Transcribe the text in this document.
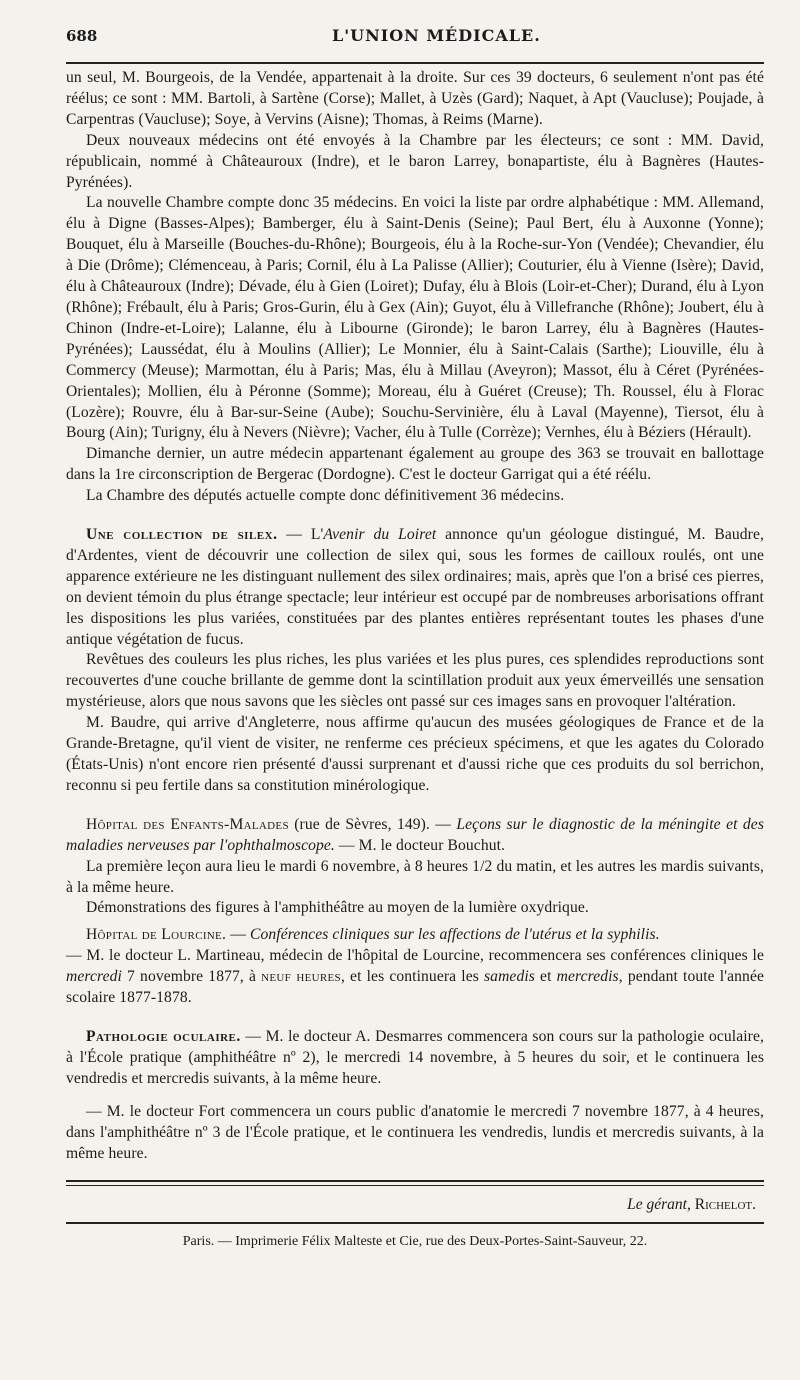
688	L'UNION MÉDICALE.

un seul, M. Bourgeois, de la Vendée, appartenait à la droite. Sur ces 39 docteurs, 6 seulement n'ont pas été réélus; ce sont : MM. Bartoli, à Sartène (Corse); Mallet, à Uzès (Gard); Naquet, à Apt (Vaucluse); Poujade, à Carpentras (Vaucluse); Soye, à Vervins (Aisne); Thomas, à Reims (Marne).

Deux nouveaux médecins ont été envoyés à la Chambre par les électeurs; ce sont : MM. David, républicain, nommé à Châteauroux (Indre), et le baron Larrey, bonapartiste, élu à Bagnères (Hautes-Pyrénées).

La nouvelle Chambre compte donc 35 médecins. En voici la liste par ordre alphabétique : MM. Allemand, élu à Digne (Basses-Alpes); Bamberger, élu à Saint-Denis (Seine); Paul Bert, élu à Auxonne (Yonne); Bouquet, élu à Marseille (Bouches-du-Rhône); Bourgeois, élu à la Roche-sur-Yon (Vendée); Chevandier, élu à Die (Drôme); Clémenceau, à Paris; Cornil, élu à La Palisse (Allier); Couturier, élu à Vienne (Isère); David, élu à Châteauroux (Indre); Dévade, élu à Gien (Loiret); Dufay, élu à Blois (Loir-et-Cher); Durand, élu à Lyon (Rhône); Frébault, élu à Paris; Gros-Gurin, élu à Gex (Ain); Guyot, élu à Villefranche (Rhône); Joubert, élu à Chinon (Indre-et-Loire); Lalanne, élu à Libourne (Gironde); le baron Larrey, élu à Bagnères (Hautes-Pyrénées); Laussédat, élu à Moulins (Allier); Le Monnier, élu à Saint-Calais (Sarthe); Liouville, élu à Commercy (Meuse); Marmottan, élu à Paris; Mas, élu à Millau (Aveyron); Massot, élu à Céret (Pyrénées-Orientales); Mollien, élu à Péronne (Somme); Moreau, élu à Guéret (Creuse); Th. Roussel, élu à Florac (Lozère); Rouvre, élu à Bar-sur-Seine (Aube); Souchu-Servinière, élu à Laval (Mayenne), Tiersot, élu à Bourg (Ain); Turigny, élu à Nevers (Nièvre); Vacher, élu à Tulle (Corrèze); Vernhes, élu à Béziers (Hérault).

Dimanche dernier, un autre médecin appartenant également au groupe des 363 se trouvait en ballottage dans la 1re circonscription de Bergerac (Dordogne). C'est le docteur Garrigat qui a été réélu.

La Chambre des députés actuelle compte donc définitivement 36 médecins.

Une collection de silex. — L'Avenir du Loiret annonce qu'un géologue distingué, M. Baudre, d'Ardentes, vient de découvrir une collection de silex qui, sous les formes de cailloux roulés, ont une apparence extérieure ne les distinguant nullement des silex ordinaires; mais, après que l'on a brisé ces pierres, on devient témoin du plus étrange spectacle; leur intérieur est occupé par de nombreuses arborisations offrant les dispositions les plus variées, constituées par des plantes entières représentant toutes les phases d'une antique végétation de fucus.

Revêtues des couleurs les plus riches, les plus variées et les plus pures, ces splendides reproductions sont recouvertes d'une couche brillante de gemme dont la scintillation produit aux yeux émerveillés une sensation mystérieuse, alors que nous savons que les siècles ont passé sur ces images sans en provoquer l'altération.

M. Baudre, qui arrive d'Angleterre, nous affirme qu'aucun des musées géologiques de France et de la Grande-Bretagne, qu'il vient de visiter, ne renferme ces précieux spécimens, et que les agates du Colorado (États-Unis) n'ont encore rien présenté d'aussi surprenant et d'aussi riche que ces produits du sol berrichon, reconnu si peu fertile dans sa constitution minérologique.

Hôpital des Enfants-Malades (rue de Sèvres, 149). — Leçons sur le diagnostic de la méningite et des maladies nerveuses par l'ophthalmoscope. — M. le docteur Bouchut.

La première leçon aura lieu le mardi 6 novembre, à 8 heures 1/2 du matin, et les autres les mardis suivants, à la même heure.

Démonstrations des figures à l'amphithéâtre au moyen de la lumière oxydrique.

Hôpital de Lourcine. — Conférences cliniques sur les affections de l'utérus et la syphilis.

— M. le docteur L. Martineau, médecin de l'hôpital de Lourcine, recommencera ses conférences cliniques le mercredi 7 novembre 1877, à neuf heures, et les continuera les samedis et mercredis, pendant toute l'année scolaire 1877-1878.

Pathologie oculaire. — M. le docteur A. Desmarres commencera son cours sur la pathologie oculaire, à l'École pratique (amphithéâtre nº 2), le mercredi 14 novembre, à 5 heures du soir, et le continuera les vendredis et mercredis suivants, à la même heure.

— M. le docteur Fort commencera un cours public d'anatomie le mercredi 7 novembre 1877, à 4 heures, dans l'amphithéâtre nº 3 de l'École pratique, et le continuera les vendredis, lundis et mercredis suivants, à la même heure.

Le gérant, Richelot.
Paris. — Imprimerie Félix Malteste et Cie, rue des Deux-Portes-Saint-Sauveur, 22.
